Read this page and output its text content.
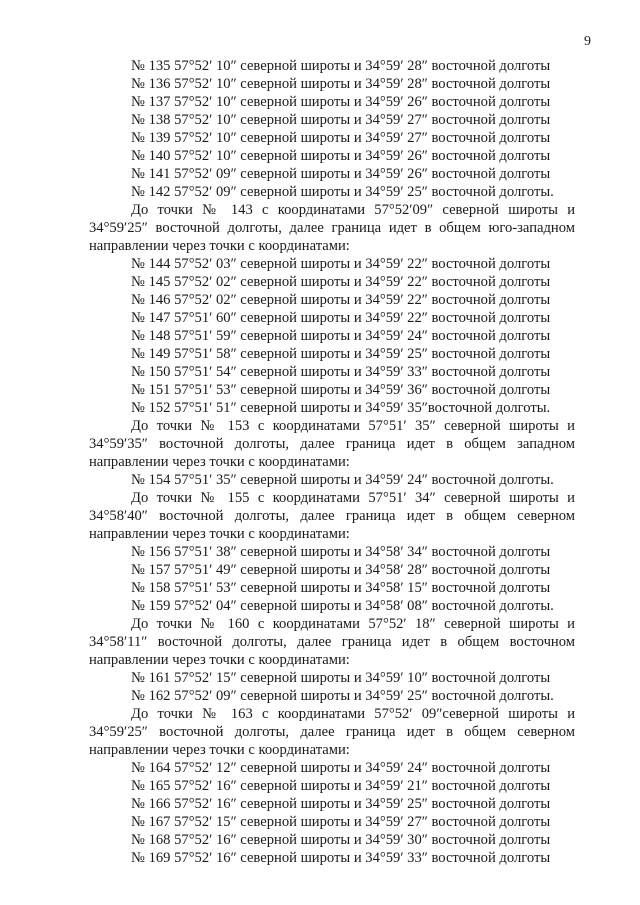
9
№ 135 57°52′ 10″ северной широты и 34°59′ 28″ восточной долготы
№ 136 57°52′ 10″ северной широты и 34°59′ 28″ восточной долготы
№ 137 57°52′ 10″ северной широты и 34°59′ 26″ восточной долготы
№ 138 57°52′ 10″ северной широты и 34°59′ 27″ восточной долготы
№ 139 57°52′ 10″ северной широты и 34°59′ 27″ восточной долготы
№ 140 57°52′ 10″ северной широты и 34°59′ 26″ восточной долготы
№ 141 57°52′ 09″ северной широты и 34°59′ 26″ восточной долготы
№ 142 57°52′ 09″ северной широты и 34°59′ 25″ восточной долготы.
До точки № 143 с координатами 57°52′09″ северной широты и 34°59′25″ восточной долготы, далее граница идет в общем юго-западном направлении через точки с координатами:
№ 144 57°52′ 03″ северной широты и 34°59′ 22″ восточной долготы
№ 145 57°52′ 02″ северной широты и 34°59′ 22″ восточной долготы
№ 146 57°52′ 02″ северной широты и 34°59′ 22″ восточной долготы
№ 147 57°51′ 60″ северной широты и 34°59′ 22″ восточной долготы
№ 148 57°51′ 59″ северной широты и 34°59′ 24″ восточной долготы
№ 149 57°51′ 58″ северной широты и 34°59′ 25″ восточной долготы
№ 150 57°51′ 54″ северной широты и 34°59′ 33″ восточной долготы
№ 151 57°51′ 53″ северной широты и 34°59′ 36″ восточной долготы
№ 152 57°51′ 51″ северной широты и 34°59′ 35″восточной долготы.
До точки № 153 с координатами 57°51′ 35″ северной широты и 34°59′35″ восточной долготы, далее граница идет в общем западном направлении через точки с координатами:
№ 154 57°51′ 35″ северной широты и 34°59′ 24″ восточной долготы.
До точки № 155 с координатами 57°51′ 34″ северной широты и 34°58′40″ восточной долготы, далее граница идет в общем северном направлении через точки с координатами:
№ 156 57°51′ 38″ северной широты и 34°58′ 34″ восточной долготы
№ 157 57°51′ 49″ северной широты и 34°58′ 28″ восточной долготы
№ 158 57°51′ 53″ северной широты и 34°58′ 15″ восточной долготы
№ 159 57°52′ 04″ северной широты и 34°58′ 08″ восточной долготы.
До точки № 160 с координатами 57°52′ 18″ северной широты и 34°58′11″ восточной долготы, далее граница идет в общем восточном направлении через точки с координатами:
№ 161 57°52′ 15″ северной широты и 34°59′ 10″ восточной долготы
№ 162 57°52′ 09″ северной широты и 34°59′ 25″ восточной долготы.
До точки № 163 с координатами 57°52′ 09″северной широты и 34°59′25″ восточной долготы, далее граница идет в общем северном направлении через точки с координатами:
№ 164 57°52′ 12″ северной широты и 34°59′ 24″ восточной долготы
№ 165 57°52′ 16″ северной широты и 34°59′ 21″ восточной долготы
№ 166 57°52′ 16″ северной широты и 34°59′ 25″ восточной долготы
№ 167 57°52′ 15″ северной широты и 34°59′ 27″ восточной долготы
№ 168 57°52′ 16″ северной широты и 34°59′ 30″ восточной долготы
№ 169 57°52′ 16″ северной широты и 34°59′ 33″ восточной долготы
